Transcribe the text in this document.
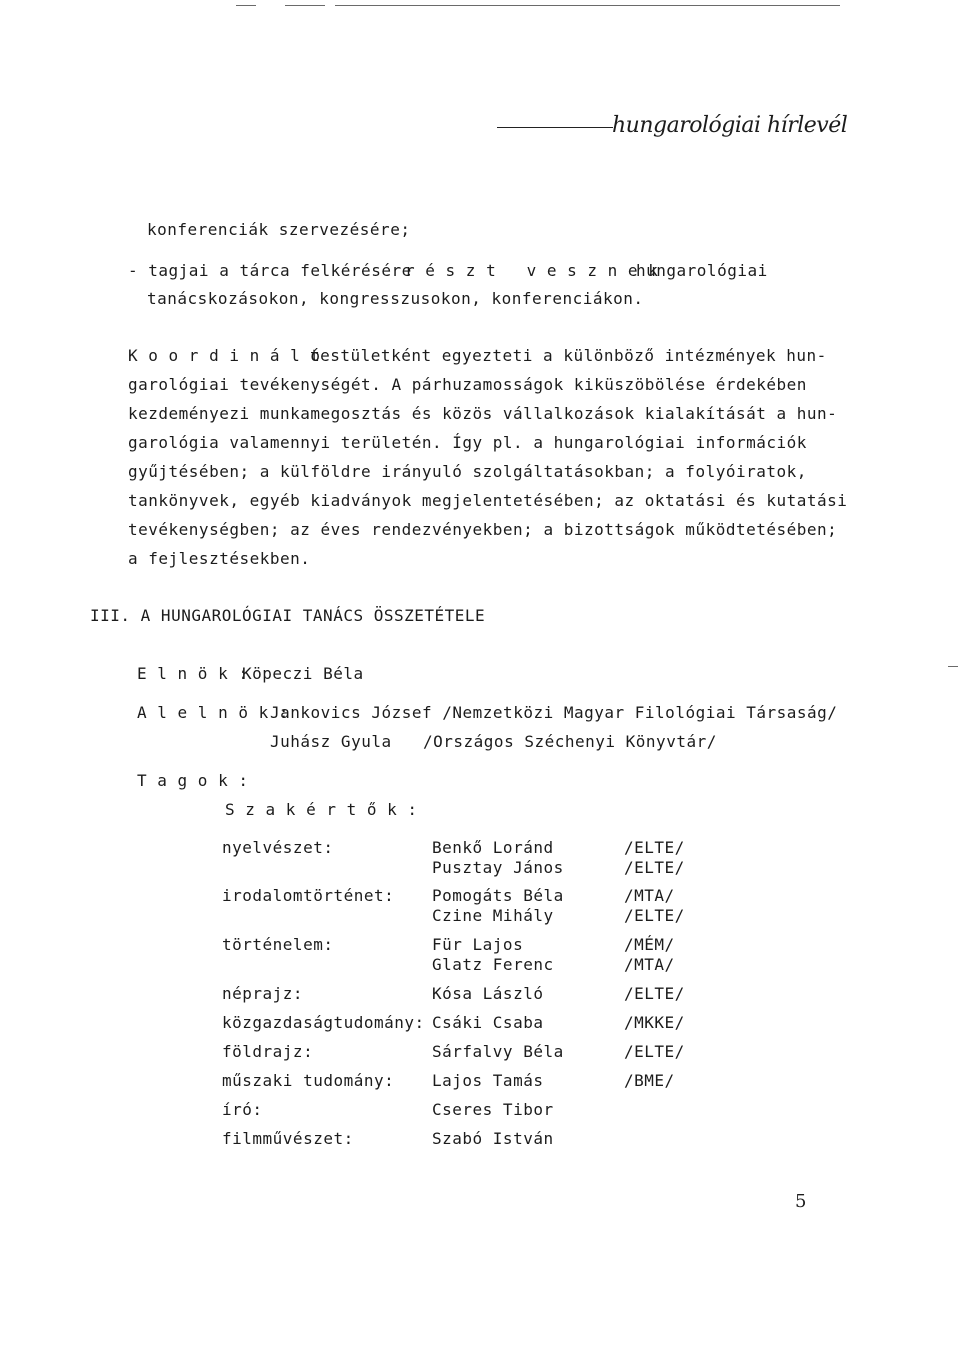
hungarológiai hírlevél
konferenciák szervezésére;
- tagjai a tárca felkérésére
r é s z t   v e s z n e k
hungarológiai
tanácskozásokon, kongresszusokon, konferenciákon.
K o o r d i n á l ó
testületként egyezteti a különböző intézmények hun-
garológiai tevékenységét. A párhuzamosságok kiküszöbölése érdekében
kezdeményezi munkamegosztás és közös vállalkozások kialakítását a hun-
garológia valamennyi területén. Így pl. a hungarológiai információk
gyűjtésében; a külföldre irányuló szolgáltatásokban; a folyóiratok,
tankönyvek, egyéb kiadványok megjelentetésében; az oktatási és kutatási
tevékenységben; az éves rendezvényekben; a bizottságok működtetésében;
a fejlesztésekben.
III. A HUNGAROLÓGIAI TANÁCS ÖSSZETÉTELE
E l n ö k :
Köpeczi Béla
A l e l n ö k :
Jankovics József /Nemzetközi Magyar Filológiai Társaság/
Juhász Gyula /Országos Széchenyi Könyvtár/
T a g o k :
S z a k é r t ő k :
nyelvészet:	Benkő Loránd	/ELTE/
Pusztay János	/ELTE/
irodalomtörténet: Pomogáts Béla	/MTA/
Czine Mihály	/ELTE/
történelem:	Für Lajos	/MÉM/
Glatz Ferenc	/MTA/
néprajz:	Kósa László	/ELTE/
közgazdaságtudomány: Csáki Csaba	/MKKE/
földrajz:	Sárfalvy Béla	/ELTE/
műszaki tudomány: Lajos Tamás	/BME/
író:	Cseres Tibor
filmművészet:	Szabó István
5
